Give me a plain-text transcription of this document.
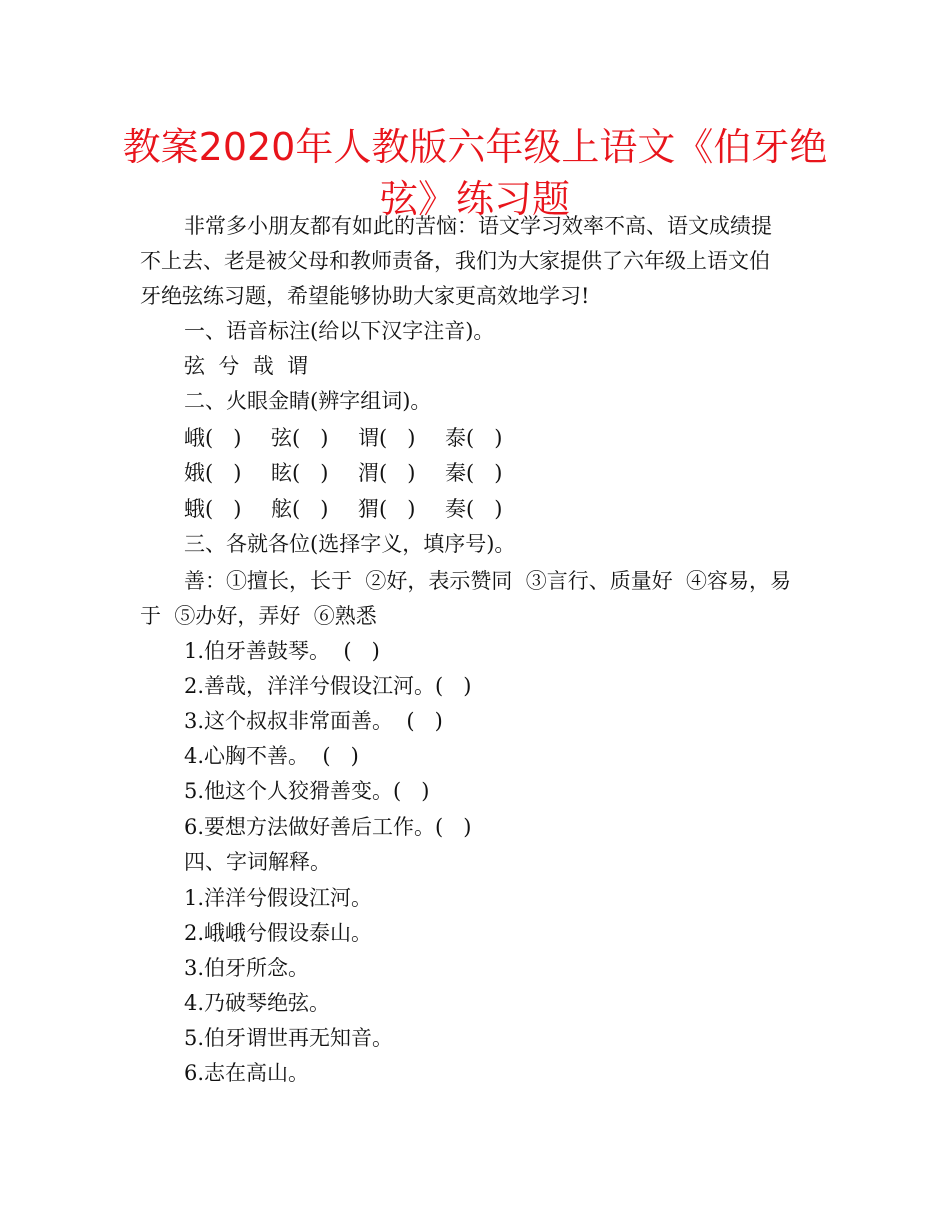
教案2020年人教版六年级上语文《伯牙绝
弦》练习题
非常多小朋友都有如此的苦恼：语文学习效率不高、语文成绩提
不上去、老是被父母和教师责备，我们为大家提供了六年级上语文伯
牙绝弦练习题，希望能够协助大家更高效地学习!
一、语音标注(给以下汉字注音)。
弦  兮  哉  谓
二、火眼金睛(辨字组词)。
峨(   ) 弦(   ) 谓(   ) 泰(   )
娥(   ) 眩(   ) 渭(   ) 秦(   )
蛾(   ) 舷(   ) 猬(   ) 奏(   )
三、各就各位(选择字义，填序号)。
善：①擅长，长于  ②好，表示赞同  ③言行、质量好  ④容易，易
于  ⑤办好，弄好  ⑥熟悉
1.伯牙善鼓琴。  (   )
2.善哉，洋洋兮假设江河。(   )
3.这个叔叔非常面善。  (   )
4.心胸不善。  (   )
5.他这个人狡猾善变。(   )
6.要想方法做好善后工作。(   )
四、字词解释。
1.洋洋兮假设江河。
2.峨峨兮假设泰山。
3.伯牙所念。
4.乃破琴绝弦。
5.伯牙谓世再无知音。
6.志在高山。
